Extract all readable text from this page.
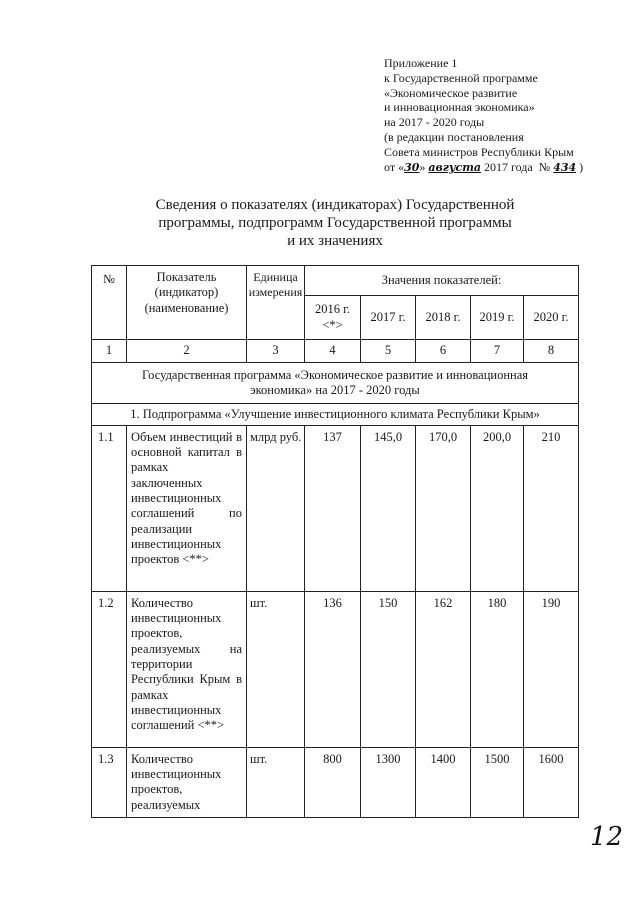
Приложение 1
к Государственной программе
«Экономическое развитие
и инновационная экономика»
на 2017 - 2020 годы
(в редакции постановления
Совета министров Республики Крым
от «30» августа 2017 года № 434 )
Сведения о показателях (индикаторах) Государственной
программы, подпрограмм Государственной программы
и их значениях
№	Показатель (индикатор) (наименование)	Единица измерения	Значения показателей:				
			2016 г. <*>	2017 г.	2018 г.	2019 г.	2020 г.
1	2	3	4	5	6	7	8
Государственная программа «Экономическое развитие и инновационная экономика» на 2017 - 2020 годы							
1. Подпрограмма «Улучшение инвестиционного климата Республики Крым»							
1.1	Объем инвестиций в основной капитал в рамках заключенных инвестиционных соглашений по реализации инвестиционных проектов <**>	млрд руб.	137	145,0	170,0	200,0	210
1.2	Количество инвестиционных проектов, реализуемых на территории Республики Крым в рамках инвестиционных соглашений <**>	шт.	136	150	162	180	190
1.3	Количество инвестиционных проектов, реализуемых	шт.	800	1300	1400	1500	1600
12
